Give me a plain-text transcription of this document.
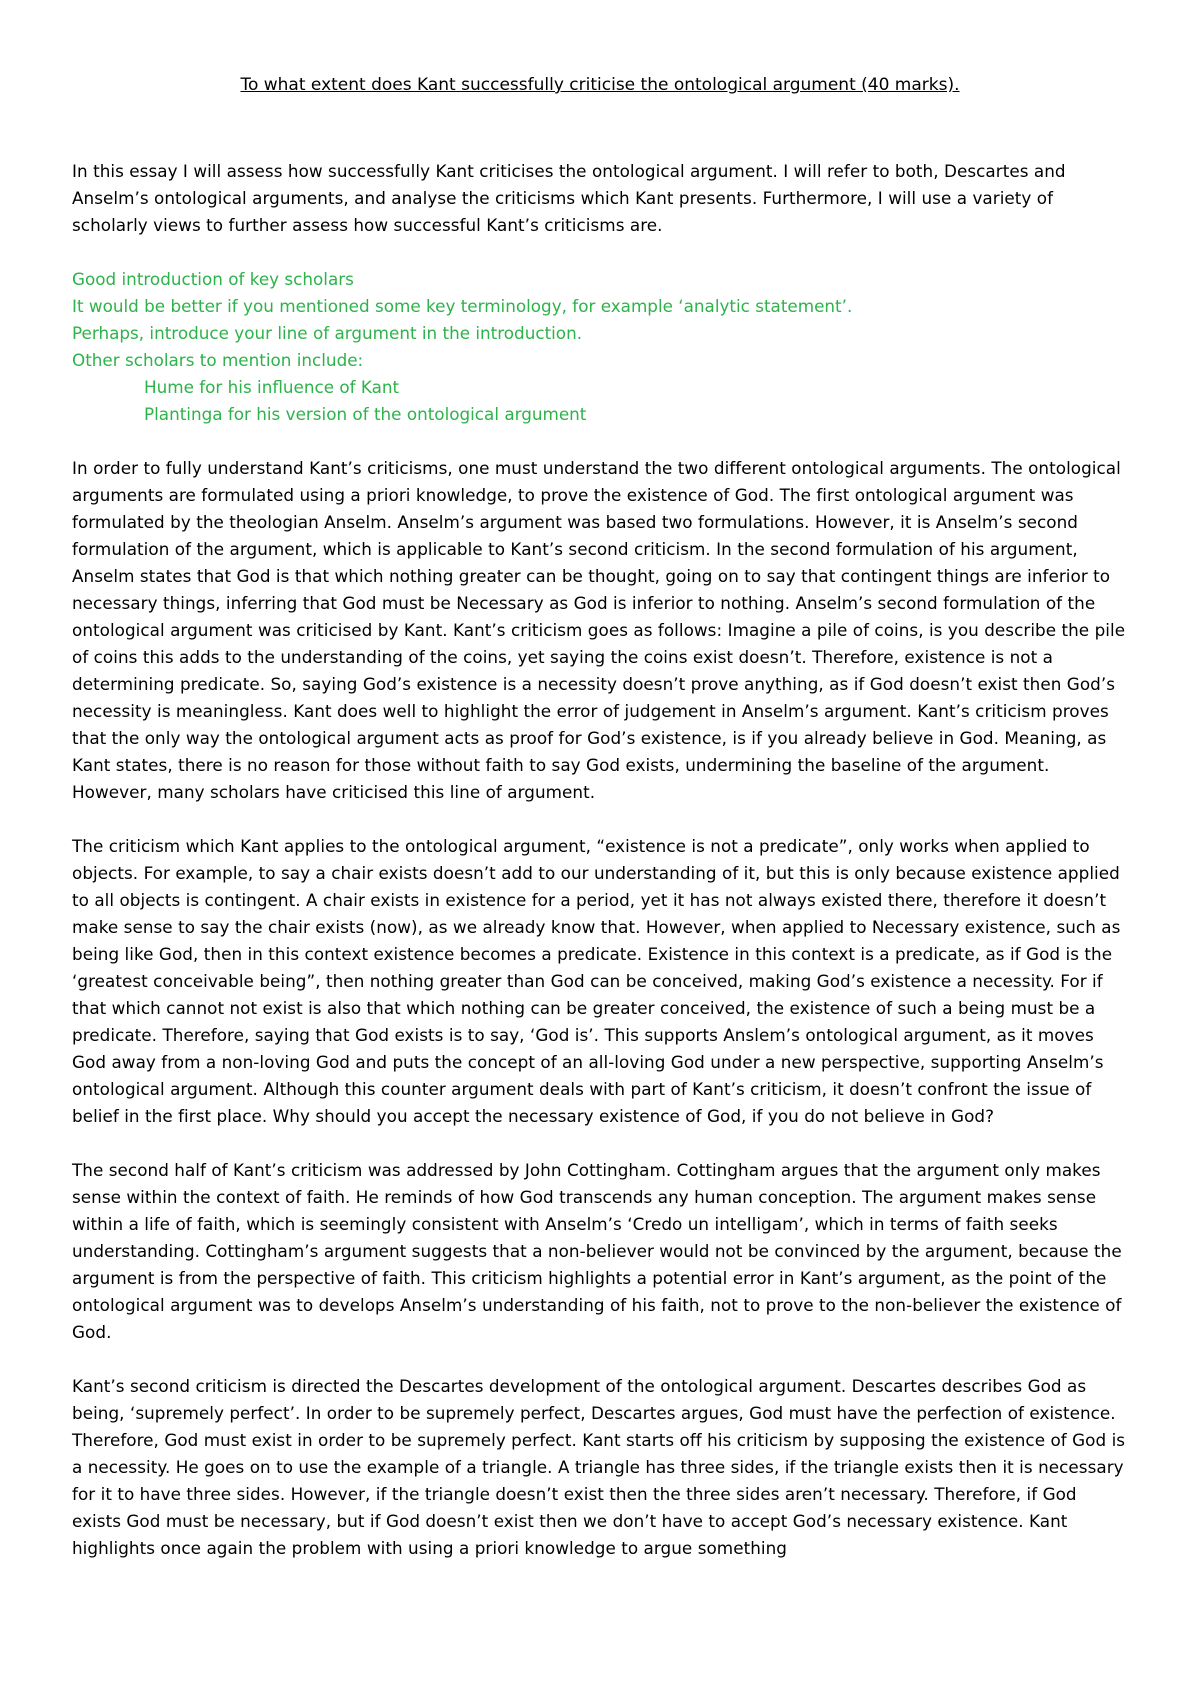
To what extent does Kant successfully criticise the ontological argument (40 marks).

In this essay I will assess how successfully Kant criticises the ontological argument. I will refer to both, Descartes and Anselm’s ontological arguments, and analyse the criticisms which Kant presents. Furthermore, I will use a variety of scholarly views to further assess how successful Kant’s criticisms are.

Good introduction of key scholars
It would be better if you mentioned some key terminology, for example ‘analytic statement’.
Perhaps, introduce your line of argument in the introduction.
Other scholars to mention include:
Hume for his influence of Kant
Plantinga for his version of the ontological argument

In order to fully understand Kant’s criticisms, one must understand the two different ontological arguments. The ontological arguments are formulated using a priori knowledge, to prove the existence of God. The first ontological argument was formulated by the theologian Anselm. Anselm’s argument was based two formulations. However, it is Anselm’s second formulation of the argument, which is applicable to Kant’s second criticism. In the second formulation of his argument, Anselm states that God is that which nothing greater can be thought, going on to say that contingent things are inferior to necessary things, inferring that God must be Necessary as God is inferior to nothing. Anselm’s second formulation of the ontological argument was criticised by Kant. Kant’s criticism goes as follows: Imagine a pile of coins, is you describe the pile of coins this adds to the understanding of the coins, yet saying the coins exist doesn’t. Therefore, existence is not a determining predicate. So, saying God’s existence is a necessity doesn’t prove anything, as if God doesn’t exist then God’s necessity is meaningless. Kant does well to highlight the error of judgement in Anselm’s argument. Kant’s criticism proves that the only way the ontological argument acts as proof for God’s existence, is if you already believe in God. Meaning, as Kant states, there is no reason for those without faith to say God exists, undermining the baseline of the argument. However, many scholars have criticised this line of argument.

The criticism which Kant applies to the ontological argument, “existence is not a predicate”, only works when applied to objects. For example, to say a chair exists doesn’t add to our understanding of it, but this is only because existence applied to all objects is contingent. A chair exists in existence for a period, yet it has not always existed there, therefore it doesn’t make sense to say the chair exists (now), as we already know that. However, when applied to Necessary existence, such as being like God, then in this context existence becomes a predicate. Existence in this context is a predicate, as if God is the ‘greatest conceivable being”, then nothing greater than God can be conceived, making God’s existence a necessity. For if that which cannot not exist is also that which nothing can be greater conceived, the existence of such a being must be a predicate. Therefore, saying that God exists is to say, ‘God is’. This supports Anslem’s ontological argument, as it moves God away from a non-loving God and puts the concept of an all-loving God under a new perspective, supporting Anselm’s ontological argument. Although this counter argument deals with part of Kant’s criticism, it doesn’t confront the issue of belief in the first place. Why should you accept the necessary existence of God, if you do not believe in God?

The second half of Kant’s criticism was addressed by John Cottingham. Cottingham argues that the argument only makes sense within the context of faith. He reminds of how God transcends any human conception. The argument makes sense within a life of faith, which is seemingly consistent with Anselm’s ‘Credo un intelligam’, which in terms of faith seeks understanding. Cottingham’s argument suggests that a non-believer would not be convinced by the argument, because the argument is from the perspective of faith. This criticism highlights a potential error in Kant’s argument, as the point of the ontological argument was to develops Anselm’s understanding of his faith, not to prove to the non-believer the existence of God.

Kant’s second criticism is directed the Descartes development of the ontological argument. Descartes describes God as being, ‘supremely perfect’. In order to be supremely perfect, Descartes argues, God must have the perfection of existence. Therefore, God must exist in order to be supremely perfect. Kant starts off his criticism by supposing the existence of God is a necessity. He goes on to use the example of a triangle. A triangle has three sides, if the triangle exists then it is necessary for it to have three sides. However, if the triangle doesn’t exist then the three sides aren’t necessary. Therefore, if God exists God must be necessary, but if God doesn’t exist then we don’t have to accept God’s necessary existence. Kant highlights once again the problem with using a priori knowledge to argue something
